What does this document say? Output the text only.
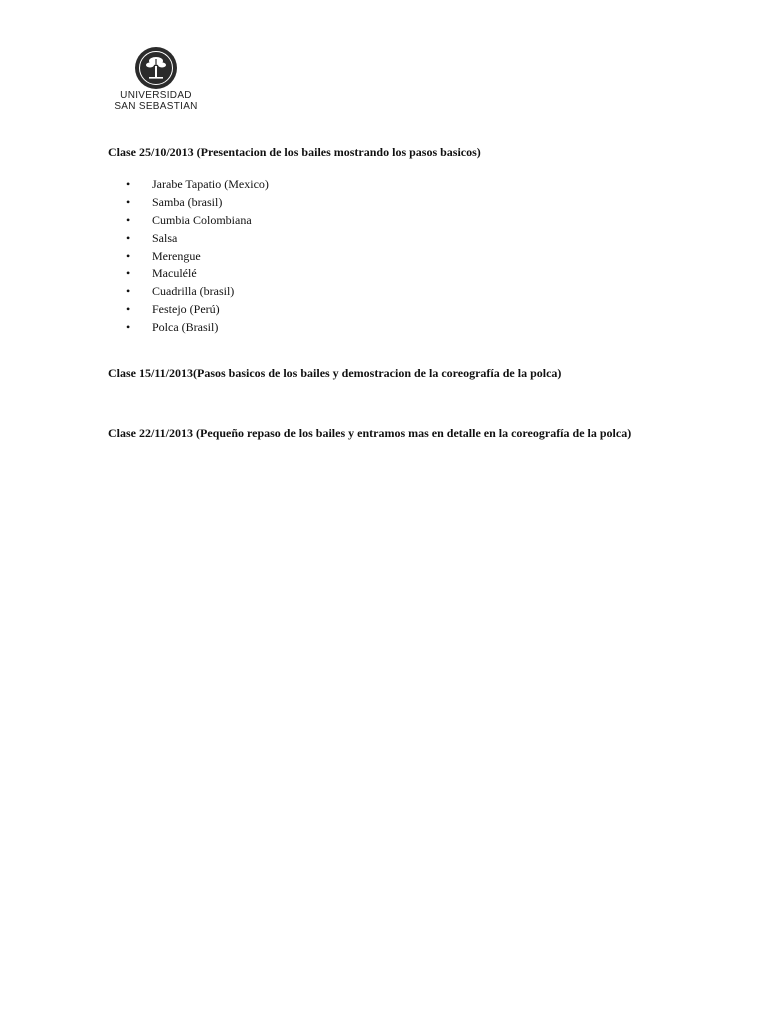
UNIVERSIDAD
SAN SEBASTIAN

Clase 25/10/2013 (Presentacion de los bailes mostrando los pasos basicos)

• Jarabe Tapatio (Mexico)
• Samba (brasil)
• Cumbia Colombiana
• Salsa
• Merengue
• Maculélé
• Cuadrilla (brasil)
• Festejo (Perú)
• Polca (Brasil)

Clase 15/11/2013(Pasos basicos de los bailes y demostracion de la coreografía de la polca)

Clase 22/11/2013 (Pequeño repaso de los bailes y entramos mas en detalle en la coreografía de la polca)
